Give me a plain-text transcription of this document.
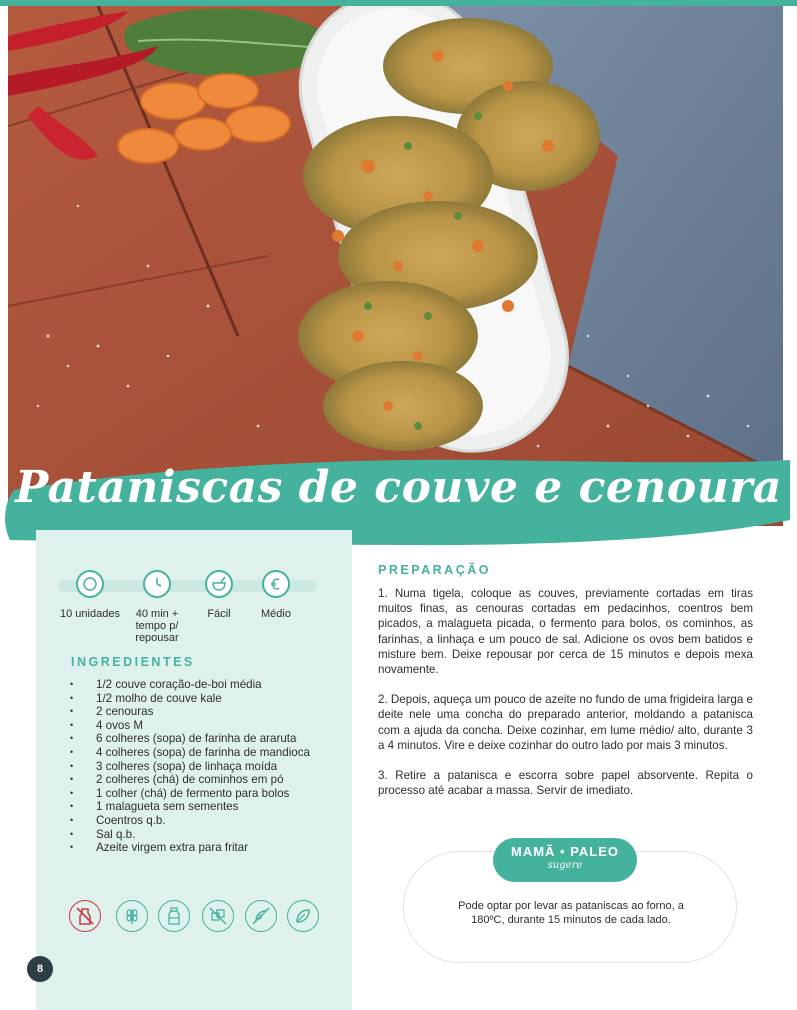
Pataniscas de couve e cenoura
10 unidades	40 min + tempo p/ repousar
Fácil	Médio
INGREDIENTES
• 1/2 couve coração-de-boi média
• 1/2 molho de couve kale
• 2 cenouras
• 4 ovos M
• 6 colheres (sopa) de farinha de araruta
• 4 colheres (sopa) de farinha de mandioca
• 3 colheres (sopa) de linhaça moída
• 2 colheres (chá) de cominhos em pó
• 1 colher (chá) de fermento para bolos
• 1 malagueta sem sementes
• Coentros q.b.
• Sal q.b.
• Azeite virgem extra para fritar
8
PREPARAÇÃO

1. Numa tigela, coloque as couves, previamente cortadas em tiras muitos finas, as cenouras cortadas em pedacinhos, coentros bem picados, a malagueta picada, o fermento para bolos, os cominhos, as farinhas, a linhaça e um pouco de sal. Adicione os ovos bem batidos e misture bem. Deixe repousar por cerca de 15 minutos e depois mexa novamente.

2. Depois, aqueça um pouco de azeite no fundo de uma frigideira larga e deite nele uma concha do preparado anterior, moldando a patanisca com a ajuda da concha. Deixe cozinhar, em lume médio/ alto, durante 3 a 4 minutos. Vire e deixe cozinhar do outro lado por mais 3 minutos.

3. Retire a patanisca e escorra sobre papel absorvente. Repita o processo até acabar a massa. Servir de imediato.

MAMÃ • PALEO
sugere
Pode optar por levar as pataniscas ao forno, a 180ºC, durante 15 minutos de cada lado.
